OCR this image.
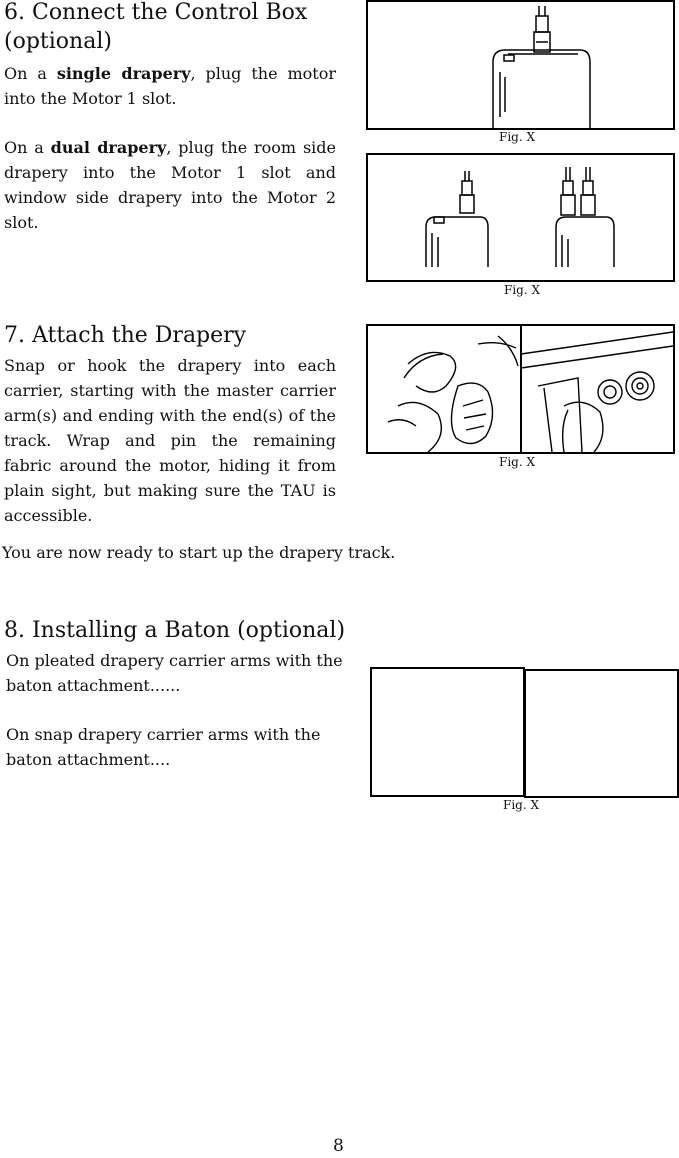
6. Connect the Control Box
(optional)

On a single drapery, plug the motor into the Motor 1 slot.

On a dual drapery, plug the room side drapery into the Motor 1 slot and window side drapery into the Motor 2 slot.

Fig. X
Fig. X
7. Attach the Drapery

Snap or hook the drapery into each carrier, starting with the master carrier arm(s) and ending with the end(s) of the track. Wrap and pin the remaining fabric around the motor, hiding it from plain sight, but making sure the TAU is accessible.

Fig. X
You are now ready to start up the drapery track.
8. Installing a Baton (optional)

On pleated drapery carrier arms with the baton attachment......

On snap drapery carrier arms with the baton attachment....

Fig. X
8
